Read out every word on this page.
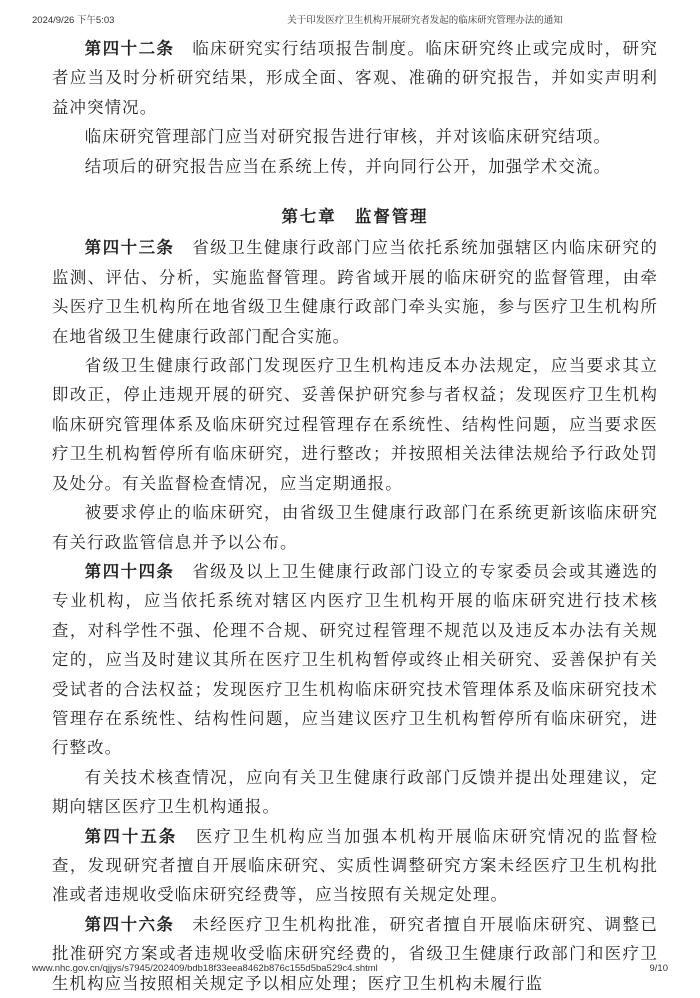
2024/9/26 下午5:03	关于印发医疗卫生机构开展研究者发起的临床研究管理办法的通知

第四十二条　 临床研究实行结项报告制度。临床研究终止或完成时，研究者应当及时分析研究结果，形成全面、客观、准确的研究报告，并如实声明利益冲突情况。

临床研究管理部门应当对研究报告进行审核，并对该临床研究结项。

结项后的研究报告应当在系统上传，并向同行公开，加强学术交流。

第七章　监督管理

第四十三条　 省级卫生健康行政部门应当依托系统加强辖区内临床研究的监测、评估、分析，实施监督管理。跨省域开展的临床研究的监督管理，由牵头医疗卫生机构所在地省级卫生健康行政部门牵头实施，参与医疗卫生机构所在地省级卫生健康行政部门配合实施。

省级卫生健康行政部门发现医疗卫生机构违反本办法规定，应当要求其立即改正，停止违规开展的研究、妥善保护研究参与者权益；发现医疗卫生机构临床研究管理体系及临床研究过程管理存在系统性、结构性问题，应当要求医疗卫生机构暂停所有临床研究，进行整改；并按照相关法律法规给予行政处罚及处分。有关监督检查情况，应当定期通报。

被要求停止的临床研究，由省级卫生健康行政部门在系统更新该临床研究有关行政监管信息并予以公布。

第四十四条　 省级及以上卫生健康行政部门设立的专家委员会或其遴选的专业机构，应当依托系统对辖区内医疗卫生机构开展的临床研究进行技术核查，对科学性不强、伦理不合规、研究过程管理不规范以及违反本办法有关规定的，应当及时建议其所在医疗卫生机构暂停或终止相关研究、妥善保护有关受试者的合法权益；发现医疗卫生机构临床研究技术管理体系及临床研究技术管理存在系统性、结构性问题，应当建议医疗卫生机构暂停所有临床研究，进行整改。

有关技术核查情况，应向有关卫生健康行政部门反馈并提出处理建议，定期向辖区医疗卫生机构通报。

第四十五条　 医疗卫生机构应当加强本机构开展临床研究情况的监督检查，发现研究者擅自开展临床研究、实质性调整研究方案未经医疗卫生机构批准或者违规收受临床研究经费等，应当按照有关规定处理。

第四十六条　 未经医疗卫生机构批准，研究者擅自开展临床研究、调整已批准研究方案或者违规收受临床研究经费的，省级卫生健康行政部门和医疗卫生机构应当按照相关规定予以相应处理；医疗卫生机构未履行监

www.nhc.gov.cn/qjjys/s7945/202409/bdb18f33eea8462b876c155d5ba529c4.shtml	9/10
